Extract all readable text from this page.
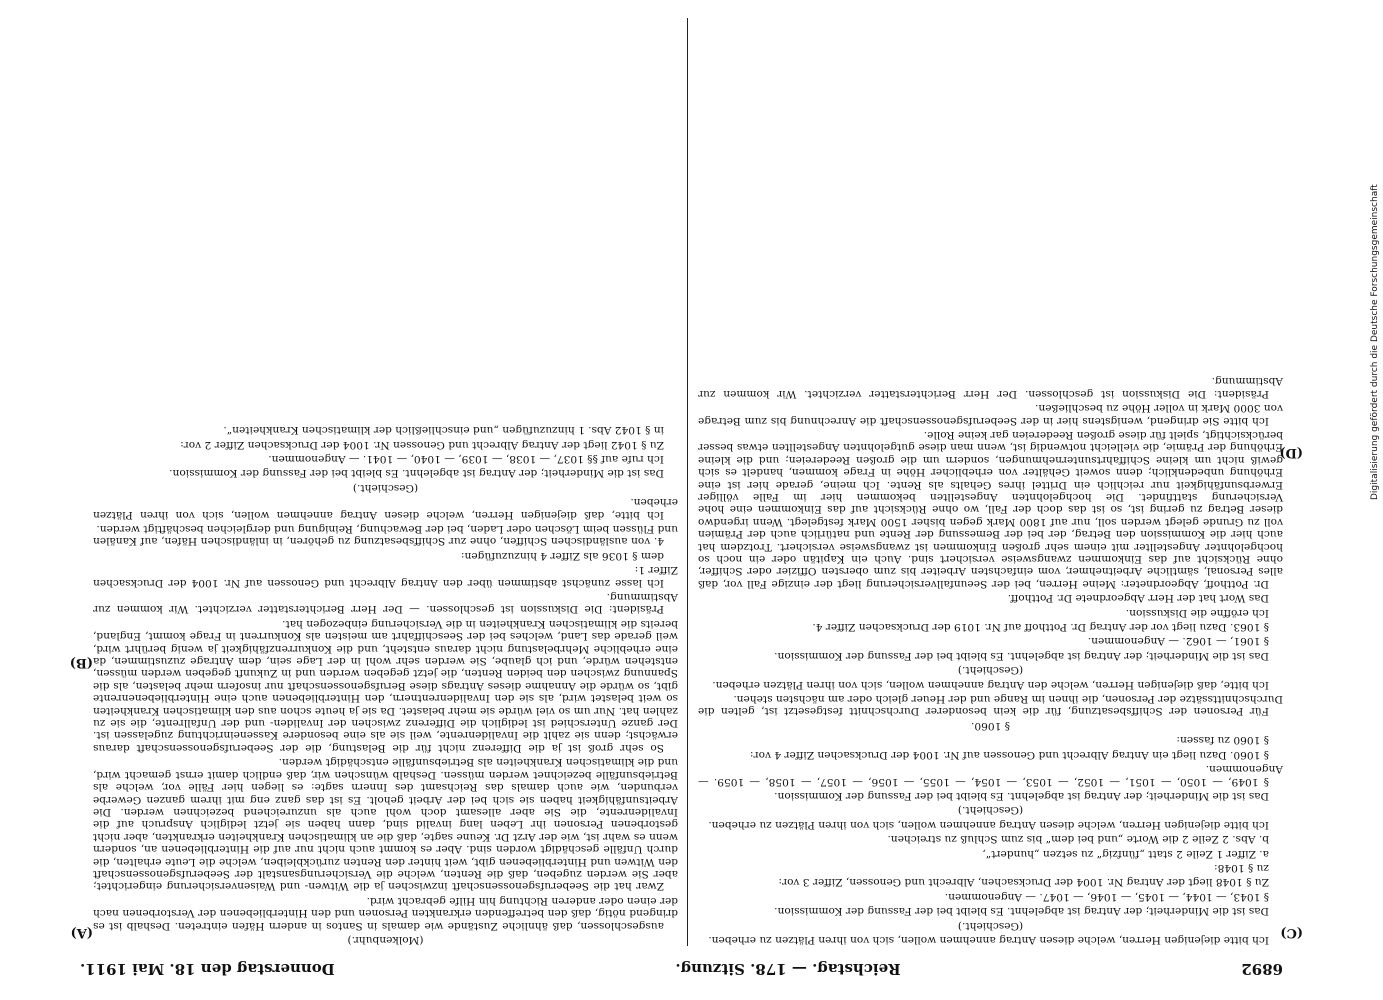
6892
Reichstag. — 178. Sitzung.
Donnerstag den 18. Mai 1911.

Ich bitte diejenigen Herren, welche diesen Antrag annehmen wollen, sich von ihren Plätzen zu erheben.

(Geschieht.)

Das ist die Minderheit; der Antrag ist abgelehnt. Es bleibt bei der Fassung der Kommission.

§ 1043, — 1044, — 1045, — 1046, — 1047. — Angenommen.

Zu § 1048 liegt der Antrag Nr. 1004 der Drucksachen, Albrecht und Genossen, Ziffer 3 vor:

zu § 1048:

a. Ziffer 1 Zeile 2 statt „fünfzig“ zu setzen „hundert“,

b. Abs. 2 Zeile 2 die Worte „und bei dem“ bis zum Schluß zu streichen.

Ich bitte diejenigen Herren, welche diesen Antrag annehmen wollen, sich von ihren Plätzen zu erheben.

(Geschieht.)

Das ist die Minderheit; der Antrag ist abgelehnt. Es bleibt bei der Fassung der Kommission.

§ 1049, — 1050, — 1051, — 1052, — 1053, — 1054, — 1055, — 1056, — 1057, — 1058, — 1059. — Angenommen.

§ 1060. Dazu liegt ein Antrag Albrecht und Genossen auf Nr. 1004 der Drucksachen Ziffer 4 vor:

§ 1060 zu fassen:

§ 1060.

Für Personen der Schiffsbesatzung, für die kein besonderer Durchschnitt festgesetzt ist, gelten die Durchschnittssätze der Personen, die ihnen im Range und der Heuer gleich oder am nächsten stehen.

Ich bitte, daß diejenigen Herren, welche den Antrag annehmen wollen, sich von ihren Plätzen erheben.

(Geschieht.)

Das ist die Minderheit; der Antrag ist abgelehnt. Es bleibt bei der Fassung der Kommission.

§ 1061, — 1062. — Angenommen.

§ 1063. Dazu liegt vor der Antrag Dr. Potthoff auf Nr. 1019 der Drucksachen Ziffer 4.

Ich eröffne die Diskussion.

Das Wort hat der Herr Abgeordnete Dr. Potthoff.

Dr. Potthoff, Abgeordneter: Meine Herren, bei der Seeunfallversicherung liegt der einzige Fall vor, daß alles Personal, sämtliche Arbeitnehmer, vom einfachsten Arbeiter bis zum obersten Offizier oder Schiffer, ohne Rücksicht auf das Einkommen zwangsweise versichert sind. Auch ein Kapitän oder ein noch so hochgelohnter Angestellter mit einem sehr großen Einkommen ist zwangsweise versichert. Trotzdem hat auch hier die Kommission den Betrag, der bei der Bemessung der Rente und natürlich auch der Prämien voll zu Grunde gelegt werden soll, nur auf 1800 Mark gegen bisher 1500 Mark festgelegt. Wenn irgendwo dieser Betrag zu gering ist, so ist das doch der Fall, wo ohne Rücksicht auf das Einkommen eine hohe Versicherung stattfindet. Die hochgelohnten Angestellten bekommen hier im Falle völliger Erwerbsunfähigkeit nur reichlich ein Drittel ihres Gehalts als Rente. Ich meine, gerade hier ist eine Erhöhung unbedenklich; denn soweit Gehälter von erheblicher Höhe in Frage kommen, handelt es sich gewiß nicht um kleine Schiffahrtsunternehmungen, sondern um die großen Reedereien; und die kleine Erhöhung der Prämie, die vielleicht notwendig ist, wenn man diese gutgelohnten Angestellten etwas besser berücksichtigt, spielt für diese großen Reedereien gar keine Rolle.

Ich bitte Sie dringend, wenigstens hier in der Seeberufsgenossenschaft die Anrechnung bis zum Betrage von 3000 Mark in voller Höhe zu beschließen.

Präsident: Die Diskussion ist geschlossen. Der Herr Berichterstatter verzichtet. Wir kommen zur Abstimmung.

(Molkenbuhr.)

ausgeschlossen, daß ähnliche Zustände wie damals in Santos in andern Häfen eintreten. Deshalb ist es dringend nötig, daß den betreffenden erkrankten Personen und den Hinterbliebenen der Verstorbenen nach der einen oder anderen Richtung hin Hilfe gebracht wird.

Zwar hat die Seeberufsgenossenschaft inzwischen ja die Witwen- und Waisenversicherung eingerichtet; aber Sie werden zugeben, daß die Renten, welche die Versicherungsanstalt der Seeberufsgenossenschaft den Witwen und Hinterbliebenen gibt, weit hinter den Renten zurückbleiben, welche die Leute erhalten, die durch Unfälle geschädigt worden sind. Aber es kommt auch nicht nur auf die Hinterbliebenen an, sondern wenn es wahr ist, wie der Arzt Dr. Keune sagte, daß die an klimatischen Krankheiten erkrankten, aber nicht gestorbenen Personen ihr Leben lang invalid sind, dann haben sie jetzt lediglich Anspruch auf die Invalidenrente, die Sie aber allesamt doch wohl auch als unzureichend bezeichnen werden. Die Arbeitsunfähigkeit haben sie sich bei der Arbeit geholt. Es ist das ganz eng mit ihrem ganzen Gewerbe verbunden, wie auch damals das Reichsamt des Innern sagte: es liegen hier Fälle vor, welche als Betriebsunfälle bezeichnet werden müssen. Deshalb wünschen wir, daß endlich damit ernst gemacht wird, und die klimatischen Krankheiten als Betriebsunfälle entschädigt werden.

So sehr groß ist ja die Differenz nicht für die Belastung, die der Seeberufsgenossenschaft daraus erwächst; denn sie zahlt die Invalidenrente, weil sie als eine besondere Kasseneinrichtung zugelassen ist. Der ganze Unterschied ist lediglich die Differenz zwischen der Invaliden- und der Unfallrente, die sie zu zahlen hat. Nur um so viel würde sie mehr belastet. Da sie ja heute schon aus den klimatischen Krankheiten so weit belastet wird, als sie den Invalidenrentnern, den Hinterbliebenen auch eine Hinterbliebenenrente gibt, so würde die Annahme dieses Antrags diese Berufsgenossenschaft nur insofern mehr belasten, als die Spannung zwischen den beiden Renten, die jetzt gegeben werden und in Zukunft gegeben werden müssen, entstehen würde, und ich glaube, Sie werden sehr wohl in der Lage sein, dem Antrage zuzustimmen, da eine erhebliche Mehrbelastung nicht daraus entsteht, und die Konkurrenzfähigkeit ja wenig berührt wird, weil gerade das Land, welches bei der Seeschiffahrt am meisten als Konkurrent in Frage kommt, England, bereits die klimatischen Krankheiten in die Versicherung einbezogen hat.

Präsident: Die Diskussion ist geschlossen. — Der Herr Berichterstatter verzichtet. Wir kommen zur Abstimmung.

Ich lasse zunächst abstimmen über den Antrag Albrecht und Genossen auf Nr. 1004 der Drucksachen Ziffer 1:

dem § 1036 als Ziffer 4 hinzuzufügen:

4. von ausländischen Schiffen, ohne zur Schiffsbesatzung zu gehören, in inländischen Häfen, auf Kanälen und Flüssen beim Löschen oder Laden, bei der Bewachung, Reinigung und dergleichen beschäftigt werden.

Ich bitte, daß diejenigen Herren, welche diesen Antrag annehmen wollen, sich von ihren Plätzen erheben.

(Geschieht.)

Das ist die Minderheit; der Antrag ist abgelehnt. Es bleibt bei der Fassung der Kommission.

Ich rufe auf §§ 1037, — 1038, — 1039, — 1040, — 1041. — Angenommen.

Zu § 1042 liegt der Antrag Albrecht und Genossen Nr. 1004 der Drucksachen Ziffer 2 vor:

in § 1042 Abs. 1 hinzuzufügen „und einschließlich der klimatischen Krankheiten“.

(C)
(D)
(A)
(B)
Digitalisierung gefördert durch die Deutsche Forschungsgemeinschaft
